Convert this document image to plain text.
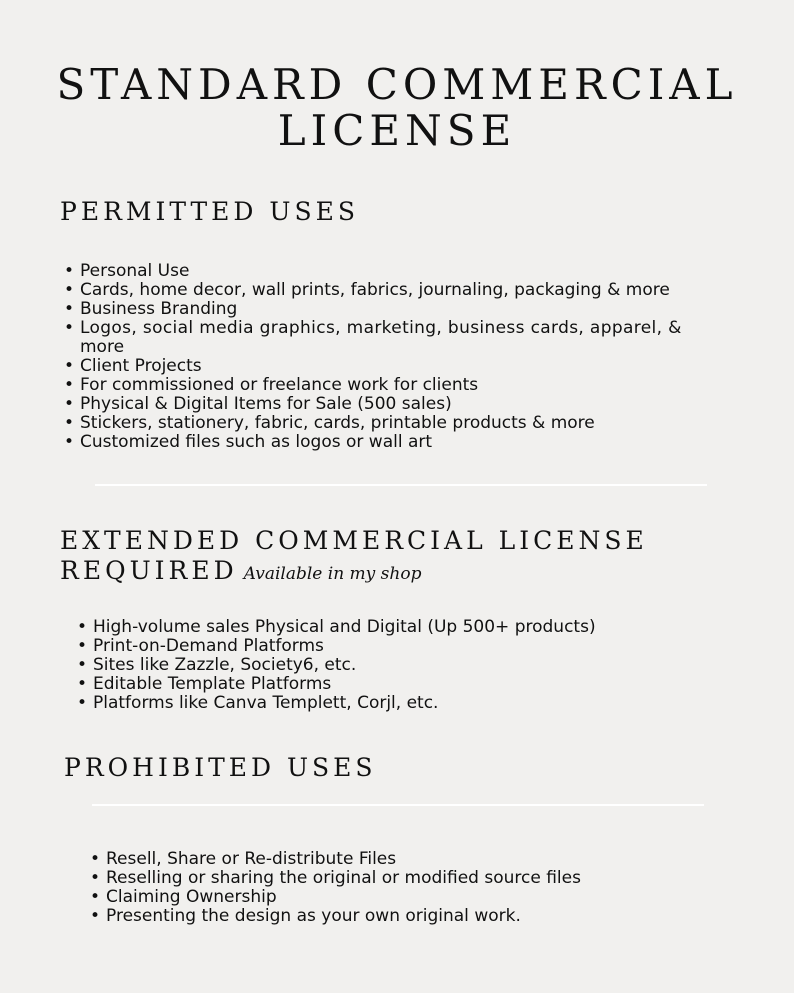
STANDARD COMMERCIAL
LICENSE
PERMITTED USES
• Personal Use
• Cards, home decor, wall prints, fabrics, journaling, packaging & more
• Business Branding
• Logos, social media graphics, marketing, business cards, apparel, &
more
• Client Projects
• For commissioned or freelance work for clients
• Physical & Digital Items for Sale (500 sales)
• Stickers, stationery, fabric, cards, printable products & more
• Customized files such as logos or wall art
EXTENDED COMMERCIAL LICENSE
REQUIRED Available in my shop
• High-volume sales Physical and Digital (Up 500+ products)
• Print-on-Demand Platforms
• Sites like Zazzle, Society6, etc.
• Editable Template Platforms
• Platforms like Canva Templett, Corjl, etc.
PROHIBITED USES
• Resell, Share or Re-distribute Files
• Reselling or sharing the original or modified source files
• Claiming Ownership
• Presenting the design as your own original work.
